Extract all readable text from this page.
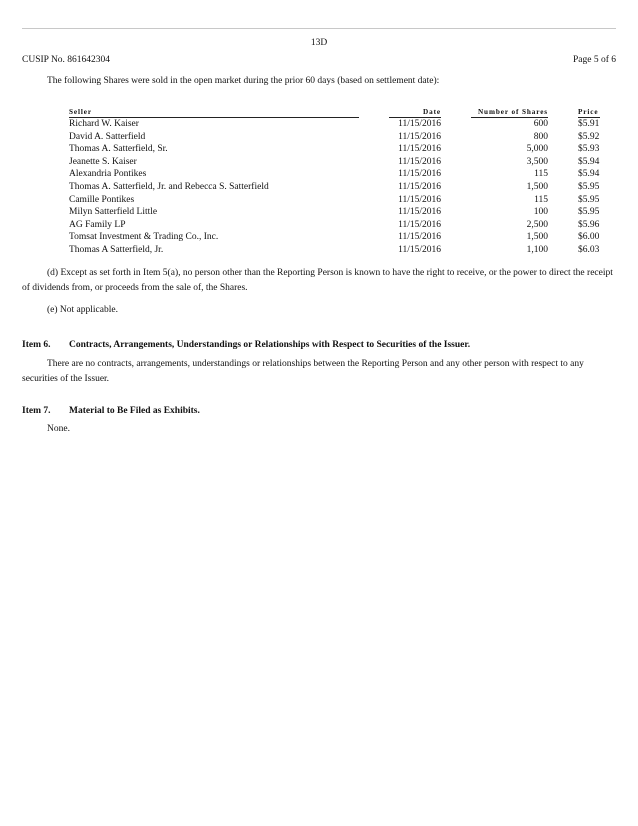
13D
CUSIP No. 861642304	Page 5 of 6
The following Shares were sold in the open market during the prior 60 days (based on settlement date):
Seller		Date		Number of Shares		Price
Richard W. Kaiser		11/15/2016		600		$5.91
David A. Satterfield		11/15/2016		800		$5.92
Thomas A. Satterfield, Sr.		11/15/2016		5,000		$5.93
Jeanette S. Kaiser		11/15/2016		3,500		$5.94
Alexandria Pontikes		11/15/2016		115		$5.94
Thomas A. Satterfield, Jr. and Rebecca S. Satterfield		11/15/2016		1,500		$5.95
Camille Pontikes		11/15/2016		115		$5.95
Milyn Satterfield Little		11/15/2016		100		$5.95
AG Family LP		11/15/2016		2,500		$5.96
Tomsat Investment & Trading Co., Inc.		11/15/2016		1,500		$6.00
Thomas A Satterfield, Jr.		11/15/2016		1,100		$6.03
(d) Except as set forth in Item 5(a), no person other than the Reporting Person is known to have the right to receive, or the power to direct the receipt of dividends from, or proceeds from the sale of, the Shares.
(e) Not applicable.
Item 6. Contracts, Arrangements, Understandings or Relationships with Respect to Securities of the Issuer.
There are no contracts, arrangements, understandings or relationships between the Reporting Person and any other person with respect to any securities of the Issuer.
Item 7. Material to Be Filed as Exhibits.
None.
